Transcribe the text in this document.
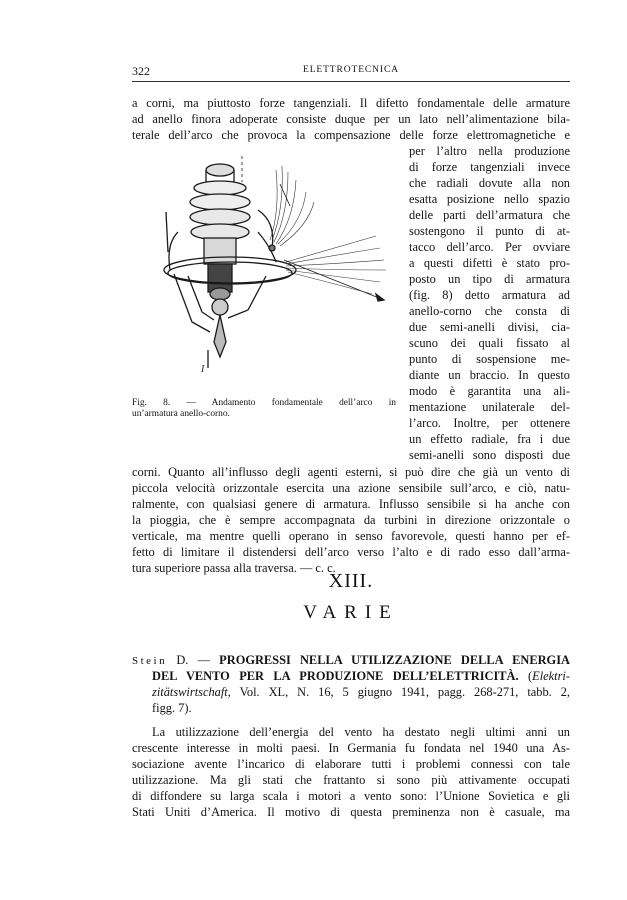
322	ELETTROTECNICA
a corni, ma piuttosto forze tangenziali. Il difetto fondamentale delle armature
ad anello finora adoperate consiste duque per un lato nell’alimentazione bila-
terale dell’arco che provoca la compensazione delle forze elettromagnetiche e
per l’altro nella produzione
di forze tangenziali invece
che radiali dovute alla non
esatta posizione nello spazio
delle parti dell’armatura che
sostengono il punto di at-
tacco dell’arco. Per ovviare
a questi difetti è stato pro-
posto un tipo di armatura
(fig. 8) detto armatura ad
anello-corno che consta di
due semi-anelli divisi, cia-
scuno dei quali fissato al
punto di sospensione me-
diante un braccio. In questo
modo è garantita una ali-
mentazione unilaterale del-
l’arco. Inoltre, per ottenere
un effetto radiale, fra i due
semi-anelli sono disposti due
I
Fig. 8. — Andamento fondamentale dell’arco in
un’armatura anello-corno.
corni. Quanto all’influsso degli agenti esterni, si può dire che già un vento di
piccola velocità orizzontale esercita una azione sensibile sull’arco, e ciò, natu-
ralmente, con qualsiasi genere di armatura. Influsso sensibile si ha anche con
la pioggia, che è sempre accompagnata da turbini in direzione orizzontale o
verticale, ma mentre quelli operano in senso favorevole, questi hanno per ef-
fetto di limitare il distendersi dell’arco verso l’alto e di rado esso dall’arma-
tura superiore passa alla traversa. — c. c.
XIII.
VARIE
Stein D. — PROGRESSI NELLA UTILIZZAZIONE DELLA ENERGIA
DEL VENTO PER LA PRODUZIONE DELL’ELETTRICITÀ. (Elektri-
zitätswirtschaft, Vol. XL, N. 16, 5 giugno 1941, pagg. 268-271, tabb. 2,
figg. 7).
La utilizzazione dell’energia del vento ha destato negli ultimi anni un
crescente interesse in molti paesi. In Germania fu fondata nel 1940 una As-
sociazione avente l’incarico di elaborare tutti i problemi connessi con tale
utilizzazione. Ma gli stati che frattanto si sono più attivamente occupati
di diffondere su larga scala i motori a vento sono: l’Unione Sovietica e gli
Stati Uniti d’America. Il motivo di questa preminenza non è casuale, ma
